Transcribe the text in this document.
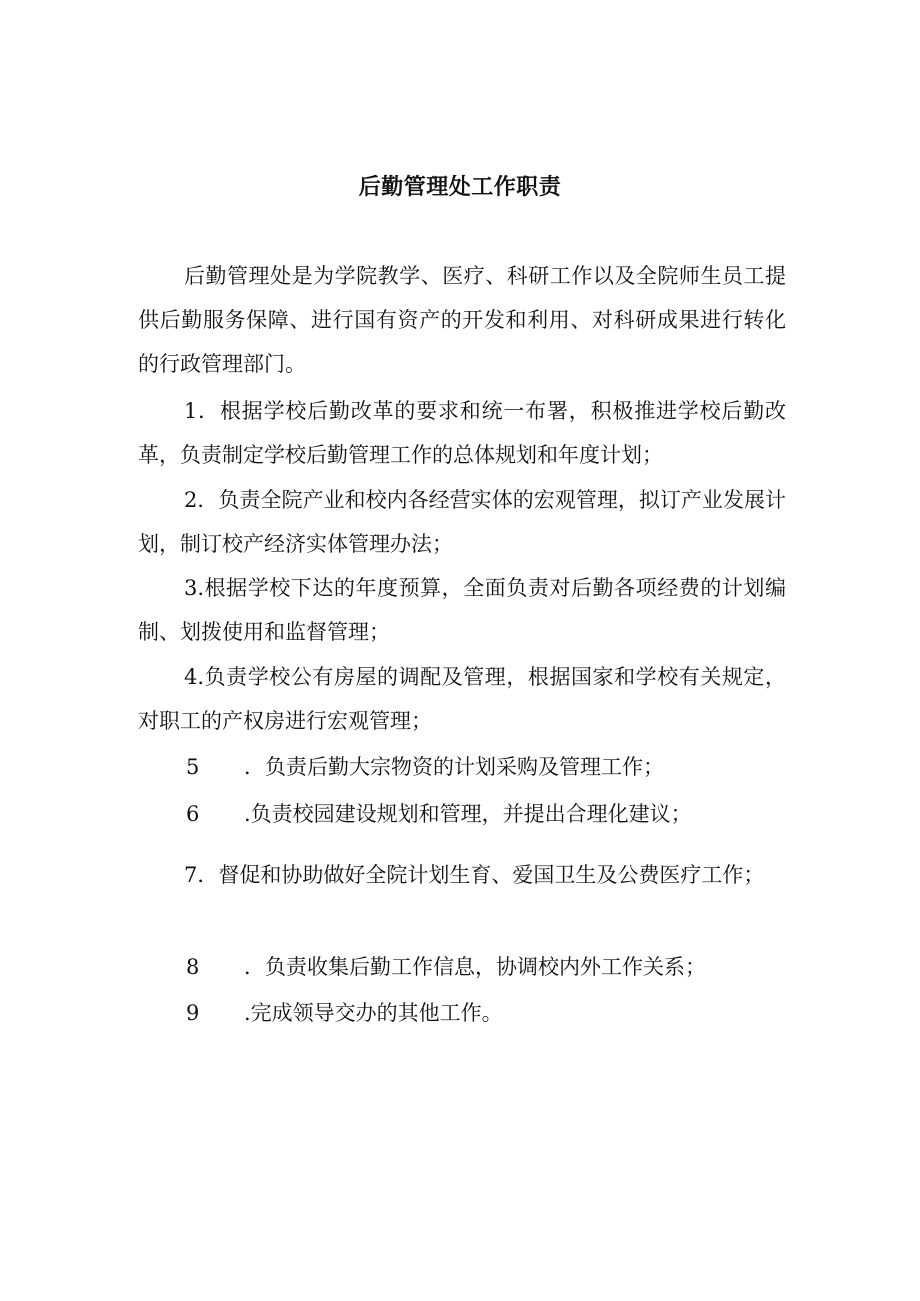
后勤管理处工作职责

后勤管理处是为学院教学、医疗、科研工作以及全院师生员工提供后勤服务保障、进行国有资产的开发和利用、对科研成果进行转化的行政管理部门。

1．根据学校后勤改革的要求和统一布署，积极推进学校后勤改革，负责制定学校后勤管理工作的总体规划和年度计划；

2．负责全院产业和校内各经营实体的宏观管理，拟订产业发展计划，制订校产经济实体管理办法；

3.根据学校下达的年度预算，全面负责对后勤各项经费的计划编制、划拨使用和监督管理；

4.负责学校公有房屋的调配及管理，根据国家和学校有关规定，对职工的产权房进行宏观管理；

5 ．负责后勤大宗物资的计划采购及管理工作；
6 .负责校园建设规划和管理，并提出合理化建议；

7．督促和协助做好全院计划生育、爱国卫生及公费医疗工作；

8 ．负责收集后勤工作信息，协调校内外工作关系；
9 .完成领导交办的其他工作。
